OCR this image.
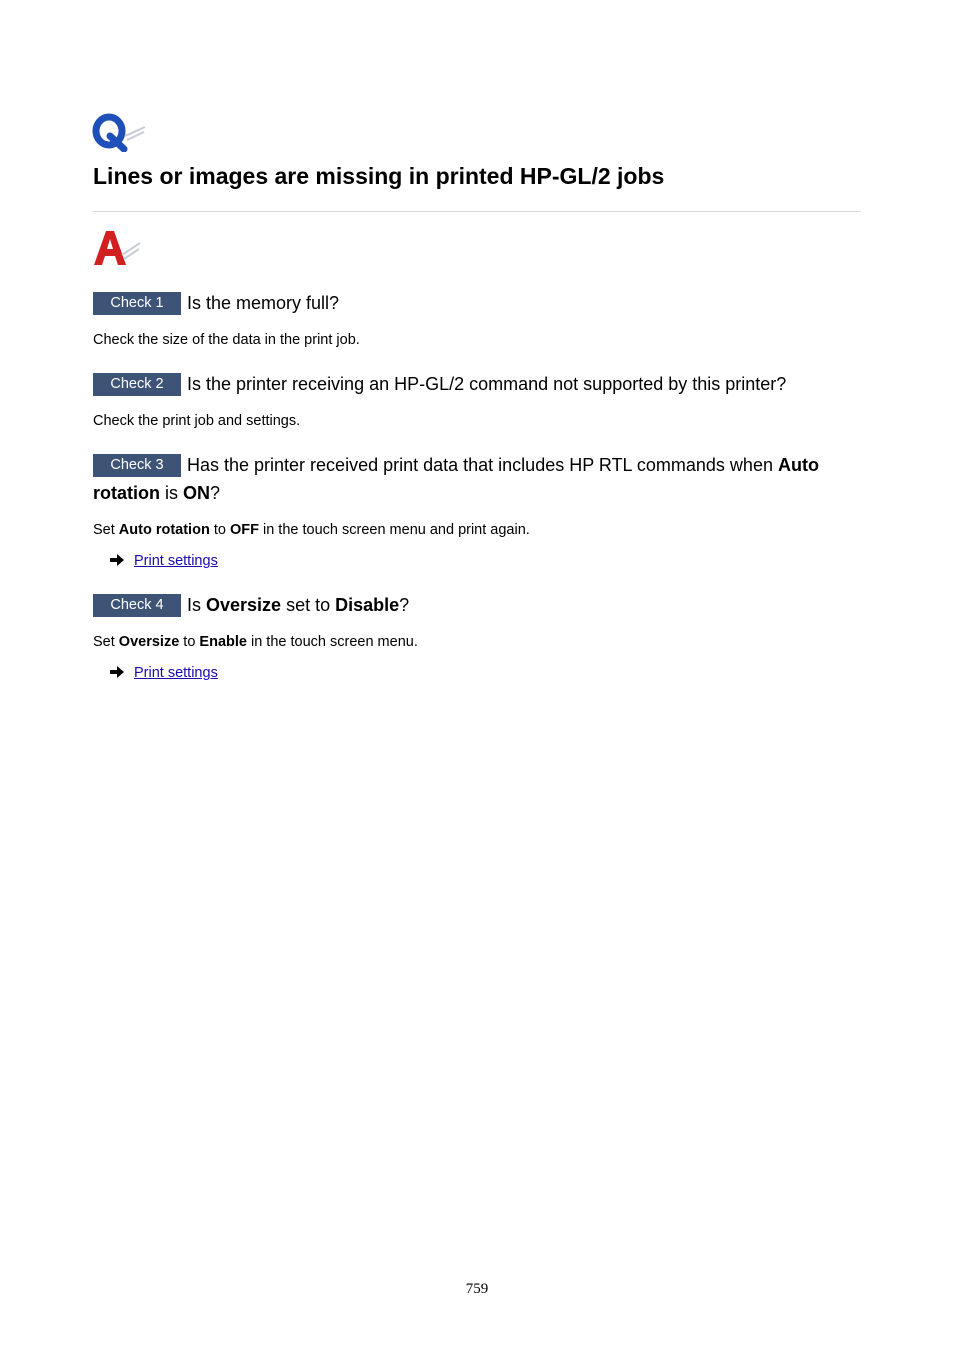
Lines or images are missing in printed HP-GL/2 jobs
Check 1 Is the memory full?
Check the size of the data in the print job.
Check 2 Is the printer receiving an HP-GL/2 command not supported by this printer?
Check the print job and settings.
Check 3 Has the printer received print data that includes HP RTL commands when Auto rotation is ON?
Set Auto rotation to OFF in the touch screen menu and print again.
Print settings
Check 4 Is Oversize set to Disable?
Set Oversize to Enable in the touch screen menu.
Print settings
759
